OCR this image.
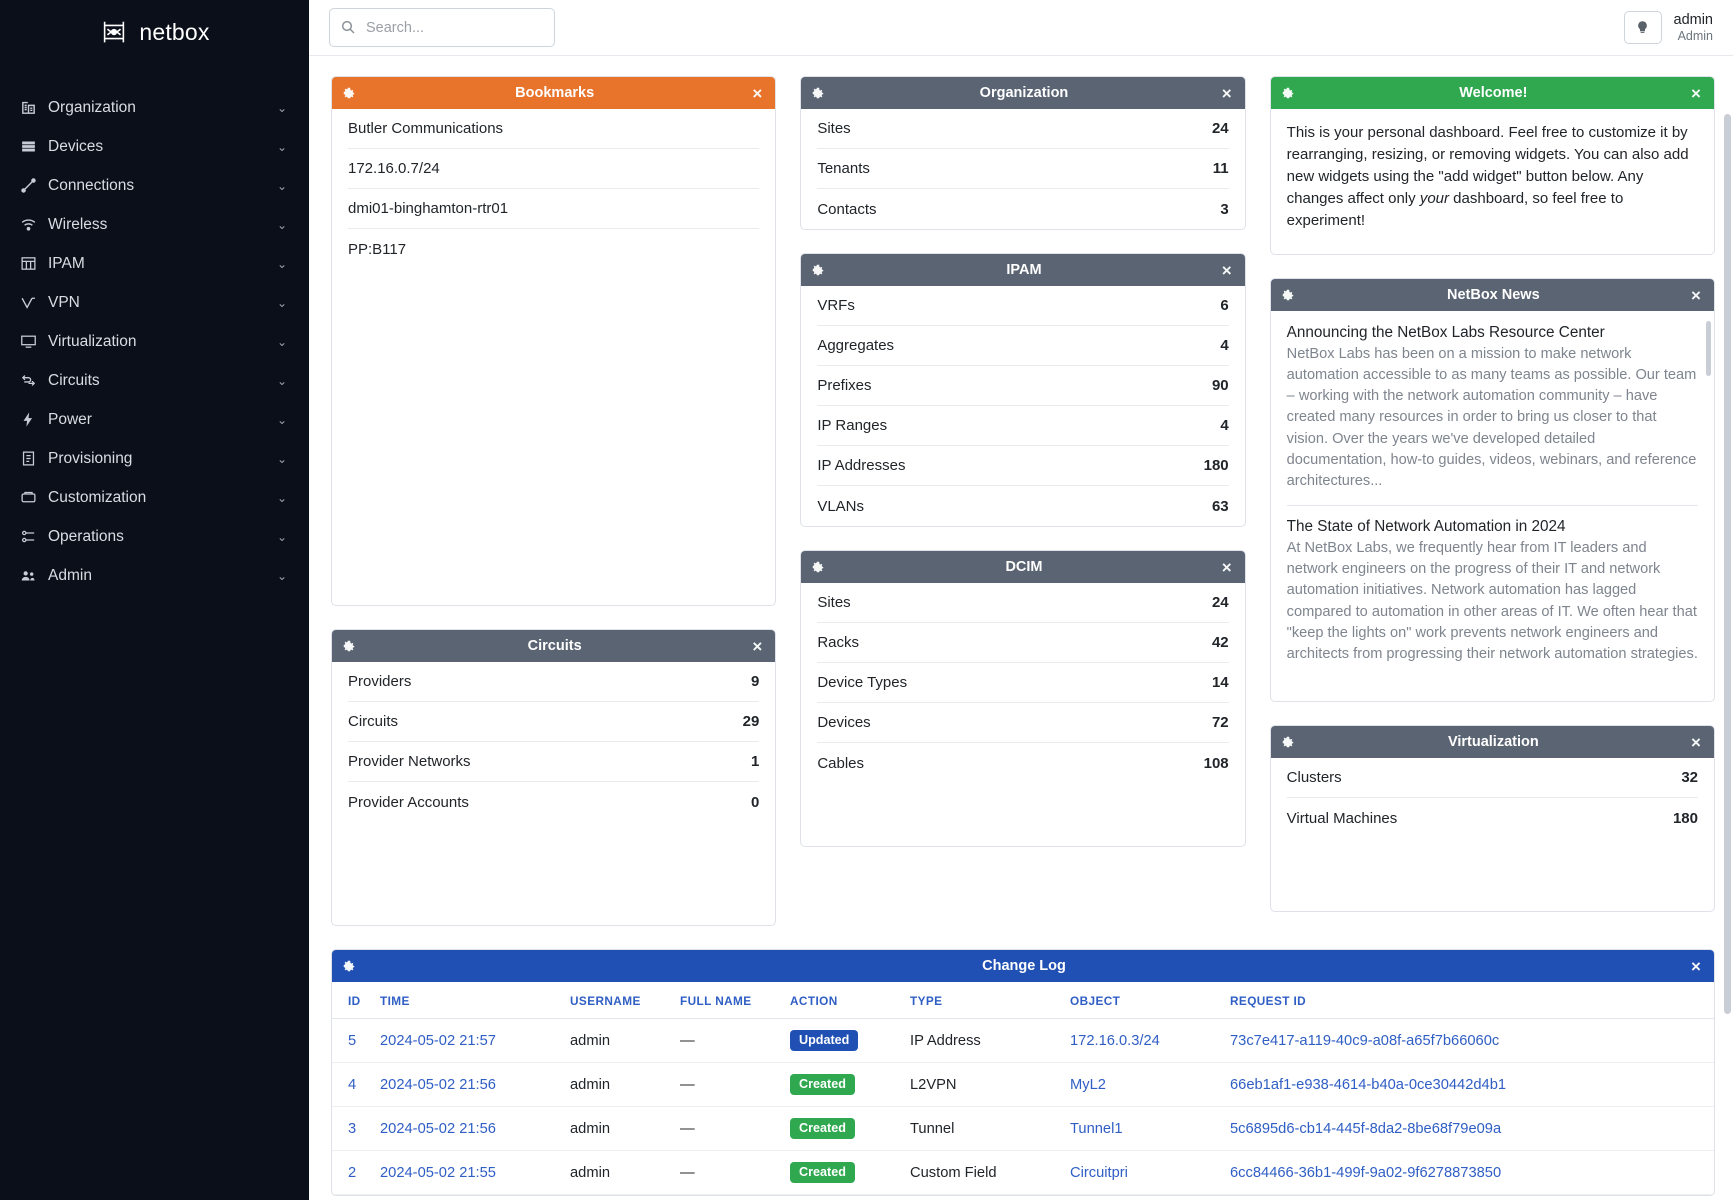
netbox
Organization	⌄
Devices	⌄
Connections	⌄
Wireless	⌄
IPAM	⌄
VPN	⌄
Virtualization	⌄
Circuits	⌄
Power	⌄
Provisioning	⌄
Customization	⌄
Operations	⌄
Admin	⌄
Search...
admin
Admin
Bookmarks	×
Butler Communications
172.16.0.7/24
dmi01-binghamton-rtr01
PP:B117
Circuits	×
Providers	9
Circuits	29
Provider Networks	1
Provider Accounts	0
Organization	×
Sites	24
Tenants	11
Contacts	3
IPAM	×
VRFs	6
Aggregates	4
Prefixes	90
IP Ranges	4
IP Addresses	180
VLANs	63
DCIM	×
Sites	24
Racks	42
Device Types	14
Devices	72
Cables	108
Welcome!	×
This is your personal dashboard. Feel free to customize it by rearranging, resizing, or removing widgets. You can also add new widgets using the "add widget" button below. Any changes affect only your dashboard, so feel free to experiment!
NetBox News	×

Announcing the NetBox Labs Resource Center

NetBox Labs has been on a mission to make network automation accessible to as many teams as possible. Our team – working with the network automation community – have created many resources in order to bring us closer to that vision. Over the years we've developed detailed documentation, how-to guides, videos, webinars, and reference architectures...

The State of Network Automation in 2024

At NetBox Labs, we frequently hear from IT leaders and network engineers on the progress of their IT and network automation initiatives. Network automation has lagged compared to automation in other areas of IT. We often hear that "keep the lights on" work prevents network engineers and architects from progressing their network automation strategies.

Virtualization	×
Clusters	32
Virtual Machines	180
Change Log	×
ID	TIME	USERNAME	FULL NAME	ACTION	TYPE	OBJECT	REQUEST ID
5	2024-05-02 21:57	admin	—	Updated	IP Address	172.16.0.3/24	73c7e417-a119-40c9-a08f-a65f7b66060c
4	2024-05-02 21:56	admin	—	Created	L2VPN	MyL2	66eb1af1-e938-4614-b40a-0ce30442d4b1
3	2024-05-02 21:56	admin	—	Created	Tunnel	Tunnel1	5c6895d6-cb14-445f-8da2-8be68f79e09a
2	2024-05-02 21:55	admin	—	Created	Custom Field	Circuitpri	6cc84466-36b1-499f-9a02-9f6278873850
